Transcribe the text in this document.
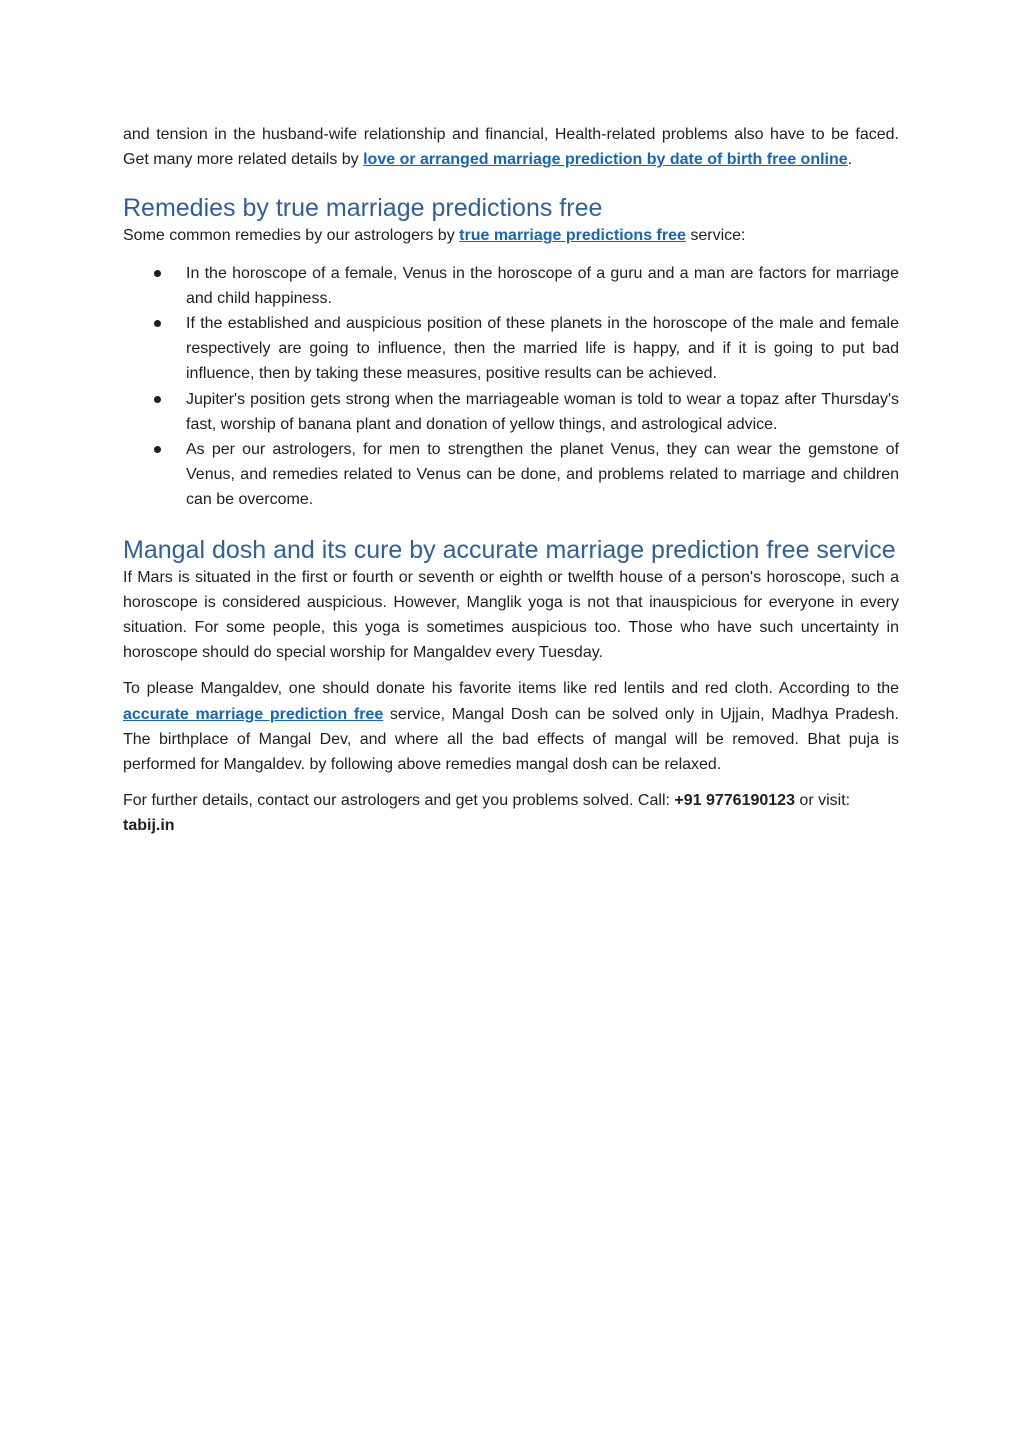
and tension in the husband-wife relationship and financial, Health-related problems also have to be faced. Get many more related details by love or arranged marriage prediction by date of birth free online.

Remedies by true marriage predictions free

Some common remedies by our astrologers by true marriage predictions free service:

In the horoscope of a female, Venus in the horoscope of a guru and a man are factors for marriage and child happiness.
If the established and auspicious position of these planets in the horoscope of the male and female respectively are going to influence, then the married life is happy, and if it is going to put bad influence, then by taking these measures, positive results can be achieved.
Jupiter's position gets strong when the marriageable woman is told to wear a topaz after Thursday's fast, worship of banana plant and donation of yellow things, and astrological advice.
As per our astrologers, for men to strengthen the planet Venus, they can wear the gemstone of Venus, and remedies related to Venus can be done, and problems related to marriage and children can be overcome.
Mangal dosh and its cure by accurate marriage prediction free service

If Mars is situated in the first or fourth or seventh or eighth or twelfth house of a person's horoscope, such a horoscope is considered auspicious. However, Manglik yoga is not that inauspicious for everyone in every situation. For some people, this yoga is sometimes auspicious too. Those who have such uncertainty in horoscope should do special worship for Mangaldev every Tuesday.

To please Mangaldev, one should donate his favorite items like red lentils and red cloth. According to the accurate marriage prediction free service, Mangal Dosh can be solved only in Ujjain, Madhya Pradesh. The birthplace of Mangal Dev, and where all the bad effects of mangal will be removed. Bhat puja is performed for Mangaldev. by following above remedies mangal dosh can be relaxed.

For further details, contact our astrologers and get you problems solved. Call: +91 9776190123 or visit:
tabij.in
